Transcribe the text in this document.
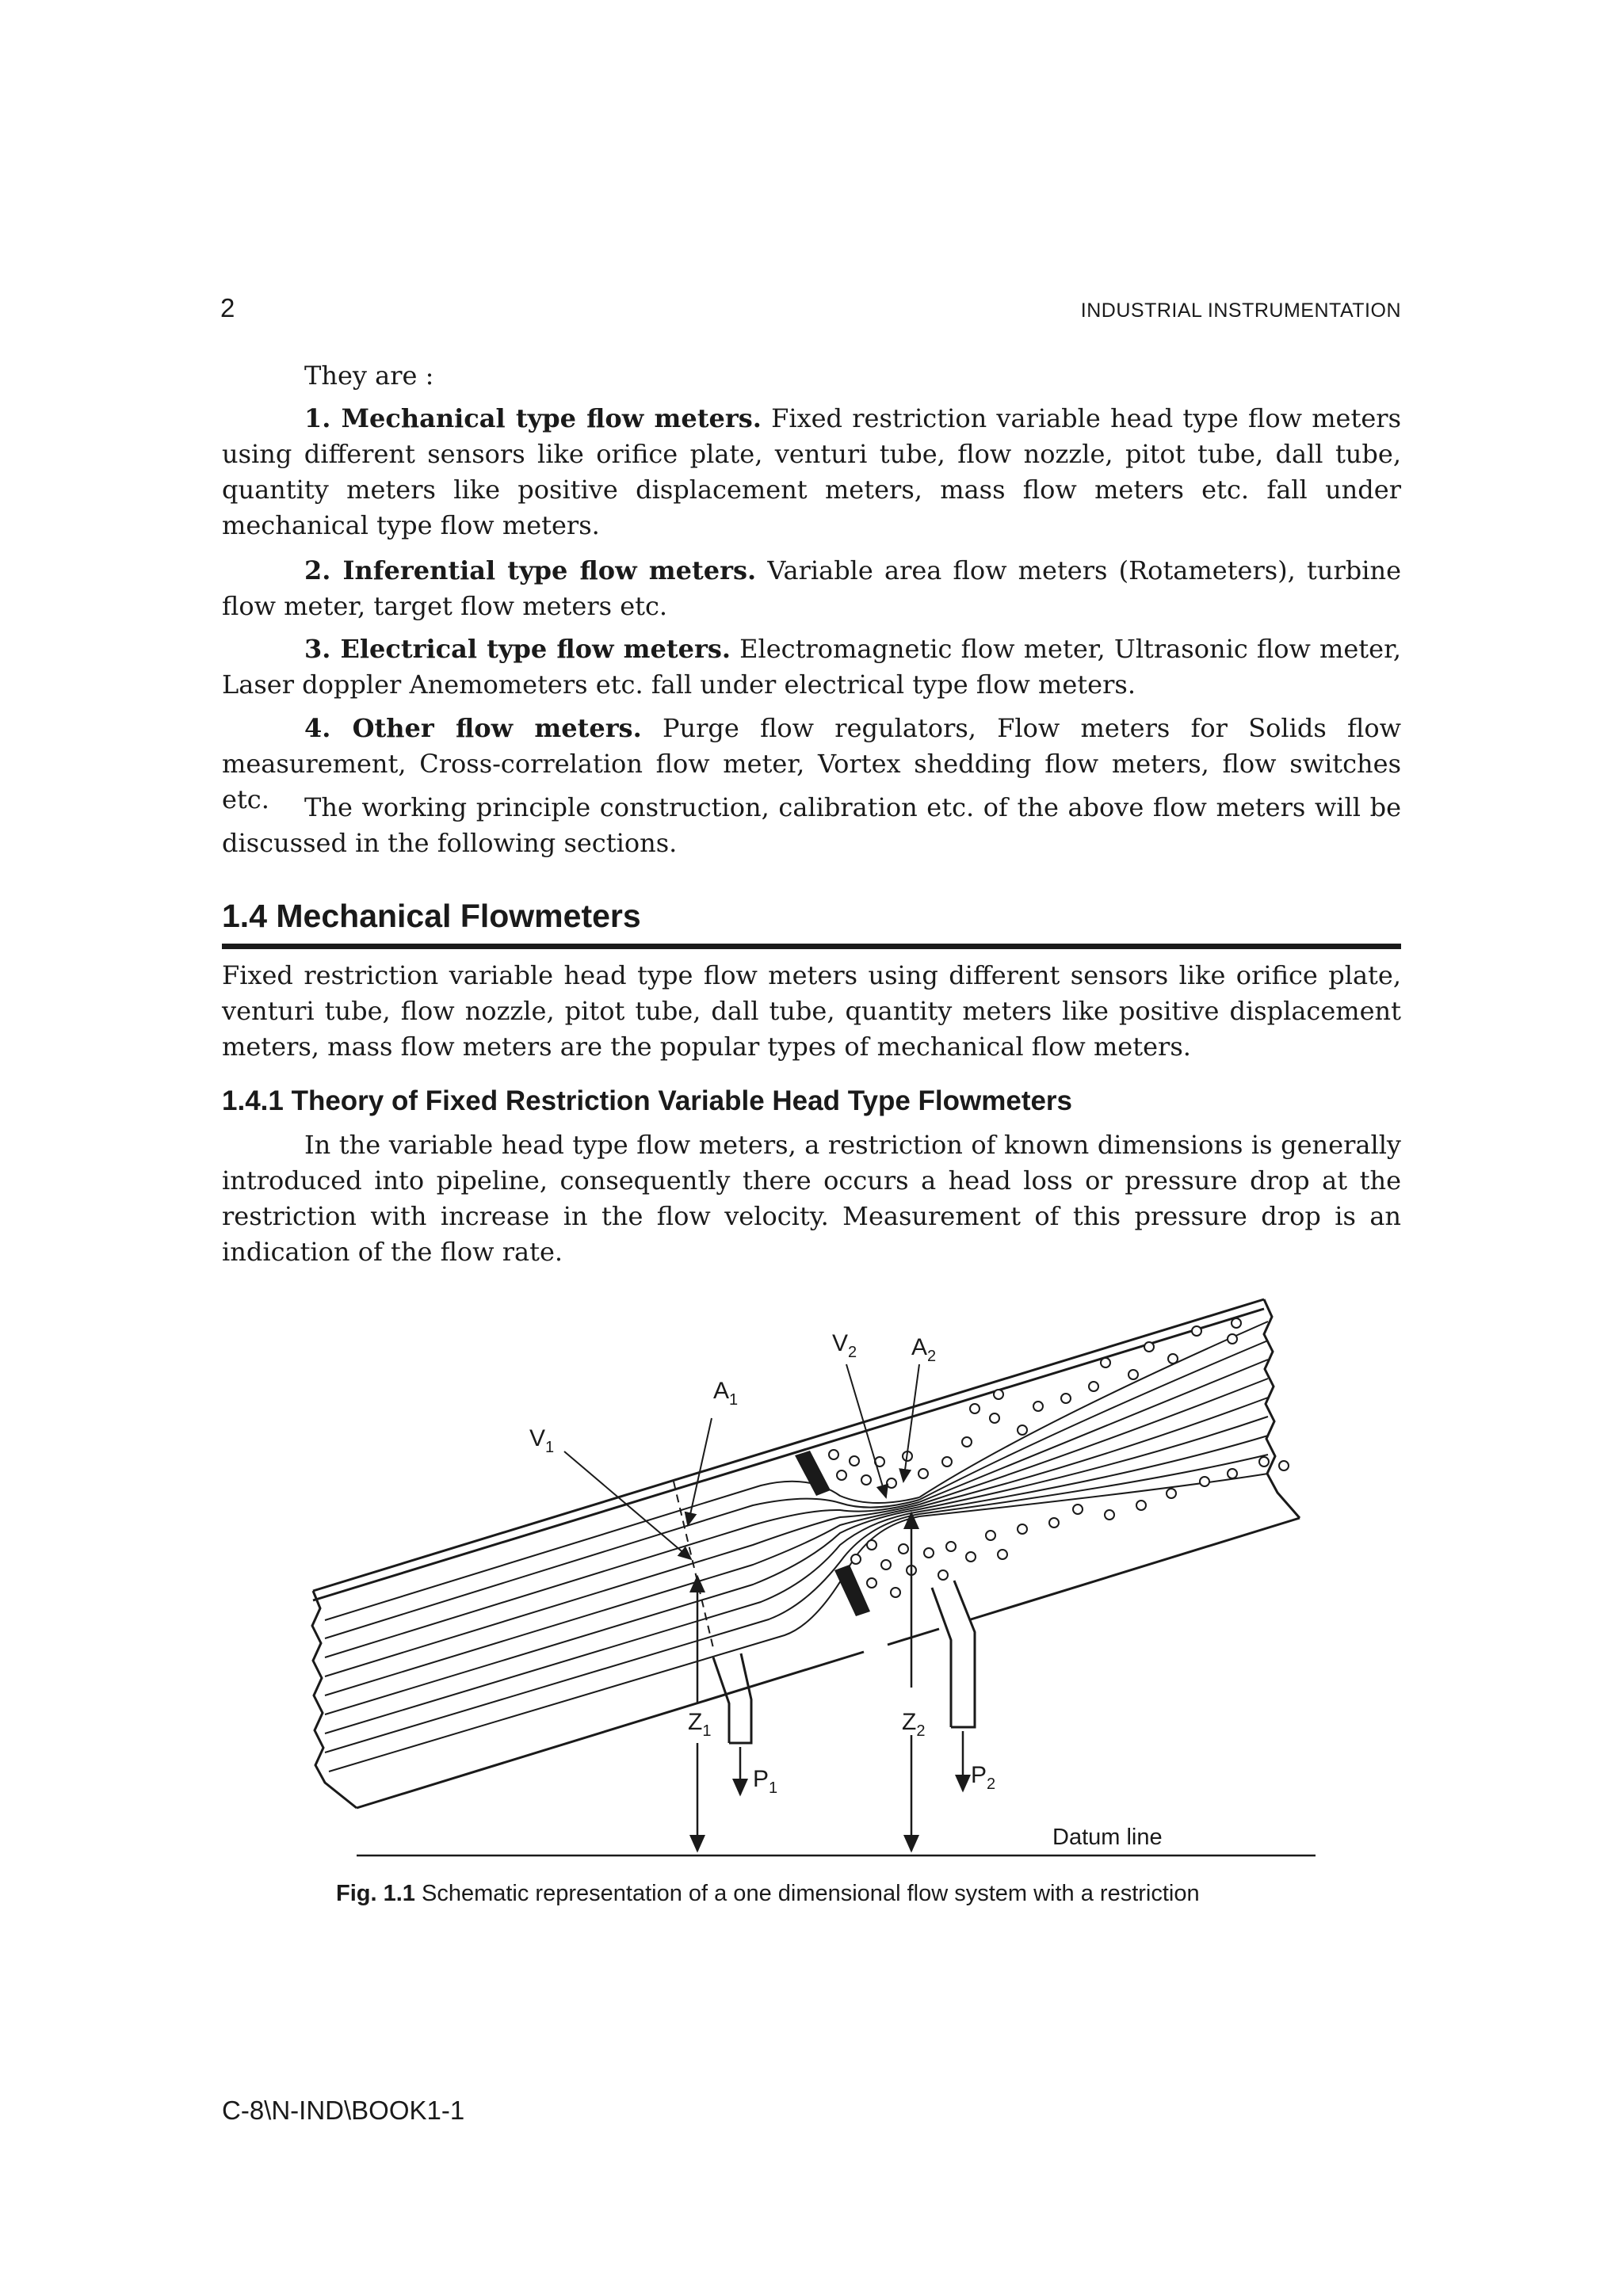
2	INDUSTRIAL INSTRUMENTATION
They are :

1. Mechanical type flow meters. Fixed restriction variable head type flow meters using different sensors like orifice plate, venturi tube, flow nozzle, pitot tube, dall tube, quantity meters like positive displacement meters, mass flow meters etc. fall under mechanical type flow meters.

2. Inferential type flow meters. Variable area flow meters (Rotameters), turbine flow meter, target flow meters etc.

3. Electrical type flow meters. Electromagnetic flow meter, Ultrasonic flow meter, Laser doppler Anemometers etc. fall under electrical type flow meters.

4. Other flow meters. Purge flow regulators, Flow meters for Solids flow measurement, Cross-correlation flow meter, Vortex shedding flow meters, flow switches etc.	The working principle construction, calibration etc. of the above flow meters will be discussed in the following sections.

1.4 Mechanical Flowmeters

Fixed restriction variable head type flow meters using different sensors like orifice plate, venturi tube, flow nozzle, pitot tube, dall tube, quantity meters like positive displacement meters, mass flow meters are the popular types of mechanical flow meters.

1.4.1 Theory of Fixed Restriction Variable Head Type Flowmeters

In the variable head type flow meters, a restriction of known dimensions is generally introduced into pipeline, consequently there occurs a head loss or pressure drop at the restriction with increase in the flow velocity. Measurement of this pressure drop is an indication of the flow rate.

$V_1$
$A_1$
$V_2$ $A_2$
$Z_1$	$Z_2$
$P_1$	$P_2$
Datum line
Fig. 1.1 Schematic representation of a one dimensional flow system with a restriction
C-8\N-IND\BOOK1-1
